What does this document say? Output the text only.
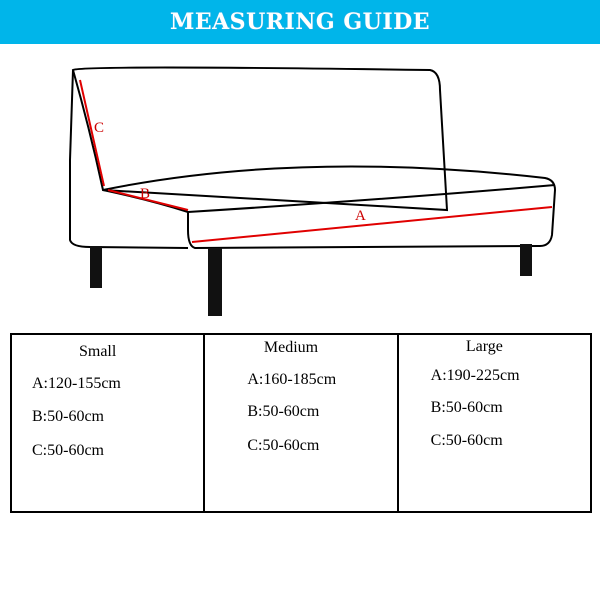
MEASURING GUIDE
C
B
A
Small
A:120-155cm
B:50-60cm
C:50-60cm
Medium
A:160-185cm
B:50-60cm
C:50-60cm
Large
A:190-225cm
B:50-60cm
C:50-60cm
